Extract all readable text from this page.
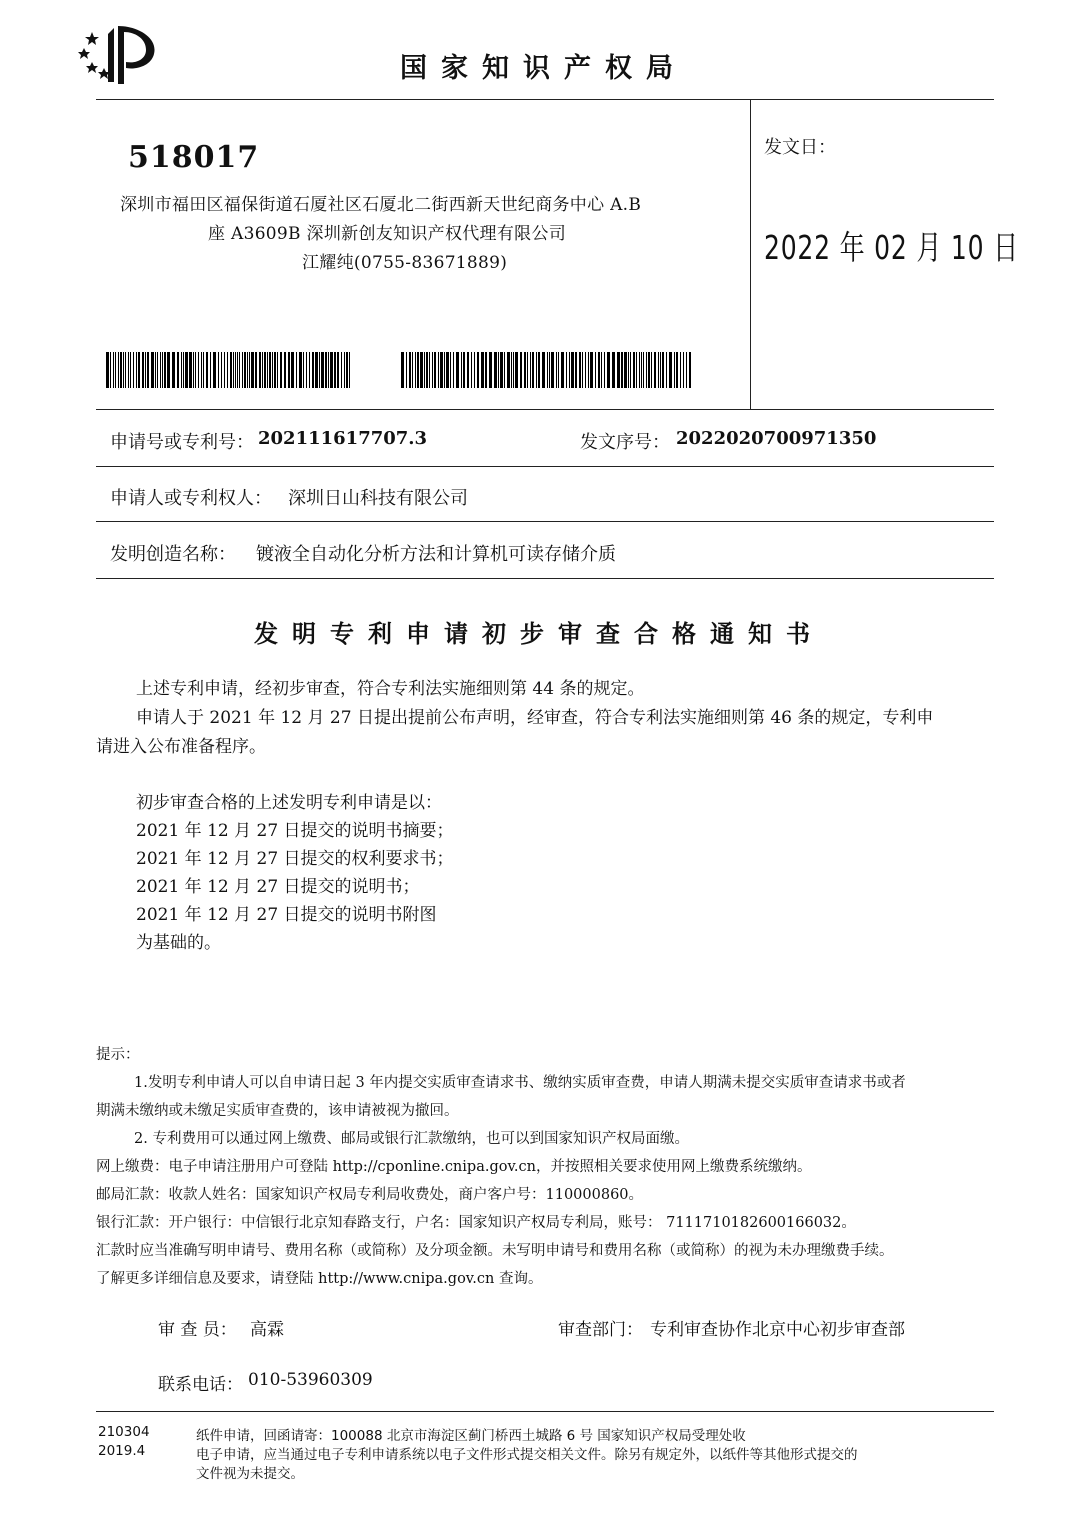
国家知识产权局
518017
深圳市福田区福保街道石厦社区石厦北二街西新天世纪商务中心 A.B
座 A3609B 深圳新创友知识产权代理有限公司
江耀纯(0755-83671889)
发文日：
2022 年 02 月 10 日
申请号或专利号： 202111617707.3	发文序号： 2022020700971350
申请人或专利权人： 深圳日山科技有限公司
发明创造名称： 镀液全自动化分析方法和计算机可读存储介质
发明专利申请初步审查合格通知书
上述专利申请，经初步审查，符合专利法实施细则第 44 条的规定。
申请人于 2021 年 12 月 27 日提出提前公布声明，经审查，符合专利法实施细则第 46 条的规定，专利申
请进入公布准备程序。
初步审查合格的上述发明专利申请是以：
2021 年 12 月 27 日提交的说明书摘要；
2021 年 12 月 27 日提交的权利要求书；
2021 年 12 月 27 日提交的说明书；
2021 年 12 月 27 日提交的说明书附图
为基础的。
提示：
1.发明专利申请人可以自申请日起 3 年内提交实质审查请求书、缴纳实质审查费，申请人期满未提交实质审查请求书或者
期满未缴纳或未缴足实质审查费的，该申请被视为撤回。
2. 专利费用可以通过网上缴费、邮局或银行汇款缴纳，也可以到国家知识产权局面缴。
网上缴费：电子申请注册用户可登陆 http://cponline.cnipa.gov.cn，并按照相关要求使用网上缴费系统缴纳。
邮局汇款：收款人姓名：国家知识产权局专利局收费处，商户客户号：110000860。
银行汇款：开户银行：中信银行北京知春路支行，户名：国家知识产权局专利局，账号： 7111710182600166032。
汇款时应当准确写明申请号、费用名称（或简称）及分项金额。未写明申请号和费用名称（或简称）的视为未办理缴费手续。
了解更多详细信息及要求，请登陆 http://www.cnipa.gov.cn 查询。
审 查 员： 高霖	审查部门： 专利审查协作北京中心初步审查部
联系电话： 010-53960309
210304
2019.4
纸件申请，回函请寄：100088 北京市海淀区蓟门桥西土城路 6 号 国家知识产权局受理处收
电子申请，应当通过电子专利申请系统以电子文件形式提交相关文件。除另有规定外，以纸件等其他形式提交的
文件视为未提交。
